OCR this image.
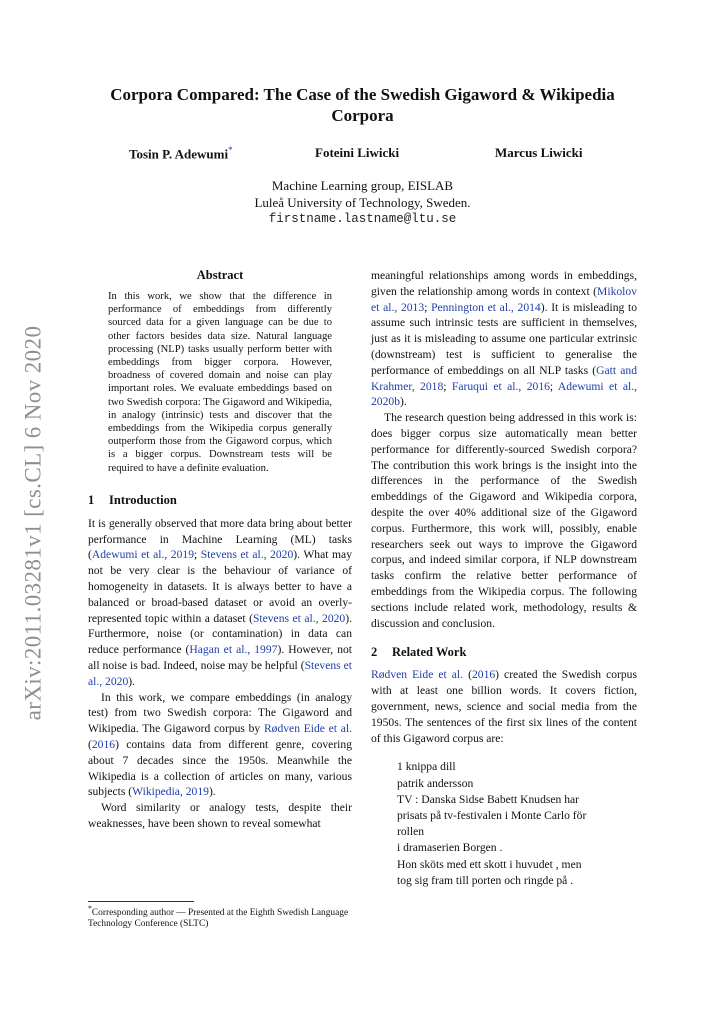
arXiv:2011.03281v1 [cs.CL] 6 Nov 2020
Corpora Compared: The Case of the Swedish Gigaword & Wikipedia Corpora
Tosin P. Adewumi*	Foteini Liwicki	Marcus Liwicki
Machine Learning group, EISLAB
Luleå University of Technology, Sweden.
firstname.lastname@ltu.se
Abstract

In this work, we show that the difference in performance of embeddings from differently sourced data for a given language can be due to other factors besides data size. Natural language processing (NLP) tasks usually perform better with embeddings from bigger corpora. However, broadness of covered domain and noise can play important roles. We evaluate embeddings based on two Swedish corpora: The Gigaword and Wikipedia, in analogy (intrinsic) tests and discover that the embeddings from the Wikipedia corpus generally outperform those from the Gigaword corpus, which is a bigger corpus. Downstream tests will be required to have a definite evaluation.

1 Introduction

It is generally observed that more data bring about better performance in Machine Learning (ML) tasks (Adewumi et al., 2019; Stevens et al., 2020). What may not be very clear is the behaviour of variance of homogeneity in datasets. It is always better to have a balanced or broad-based dataset or avoid an overly-represented topic within a dataset (Stevens et al., 2020). Furthermore, noise (or contamination) in data can reduce performance (Hagan et al., 1997). However, not all noise is bad. Indeed, noise may be helpful (Stevens et al., 2020).

In this work, we compare embeddings (in analogy test) from two Swedish corpora: The Gigaword and Wikipedia. The Gigaword corpus by Rødven Eide et al. (2016) contains data from different genre, covering about 7 decades since the 1950s. Meanwhile the Wikipedia is a collection of articles on many, various subjects (Wikipedia, 2019).

Word similarity or analogy tests, despite their weaknesses, have been shown to reveal somewhat

meaningful relationships among words in embeddings, given the relationship among words in context (Mikolov et al., 2013; Pennington et al., 2014). It is misleading to assume such intrinsic tests are sufficient in themselves, just as it is misleading to assume one particular extrinsic (downstream) test is sufficient to generalise the performance of embeddings on all NLP tasks (Gatt and Krahmer, 2018; Faruqui et al., 2016; Adewumi et al., 2020b).

The research question being addressed in this work is: does bigger corpus size automatically mean better performance for differently-sourced Swedish corpora? The contribution this work brings is the insight into the differences in the performance of the Swedish embeddings of the Gigaword and Wikipedia corpora, despite the over 40% additional size of the Gigaword corpus. Furthermore, this work will, possibly, enable researchers seek out ways to improve the Gigaword corpus, and indeed similar corpora, if NLP downstream tasks confirm the relative better performance of embeddings from the Wikipedia corpus. The following sections include related work, methodology, results & discussion and conclusion.

2 Related Work

Rødven Eide et al. (2016) created the Swedish corpus with at least one billion words. It covers fiction, government, news, science and social media from the 1950s. The sentences of the first six lines of the content of this Gigaword corpus are:

1 knippa dill
patrik andersson
TV : Danska Sidse Babett Knudsen har
prisats på tv-festivalen i Monte Carlo för
rollen
i dramaserien Borgen .
Hon sköts med ett skott i huvudet , men
tog sig fram till porten och ringde på .
*Corresponding author — Presented at the Eighth Swedish Language Technology Conference (SLTC)
